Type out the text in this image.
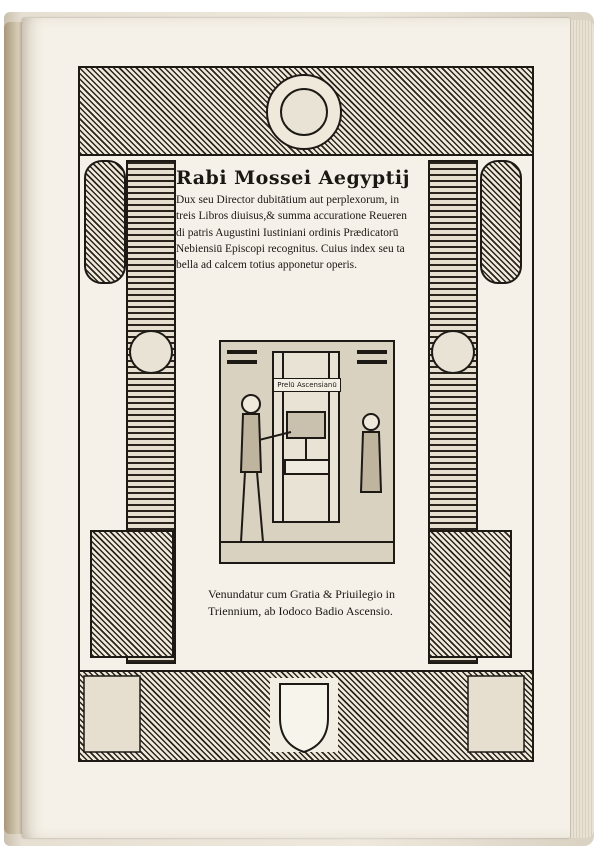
Rabi Mossei Aegyptij

Dux seu Director dubitātium aut perplexorum, in
treis Libros diuisus,& summa accuratione Reueren
di patris Augustini Iustiniani ordinis Prædicatorū
Nebiensiū Episcopi recognitus. Cuius index seu ta
bella ad calcem totius apponetur operis.

Prelū Ascensianū

Venundatur cum Gratia & Priuilegio in
Triennium, ab Iodoco Badio Ascensio.
